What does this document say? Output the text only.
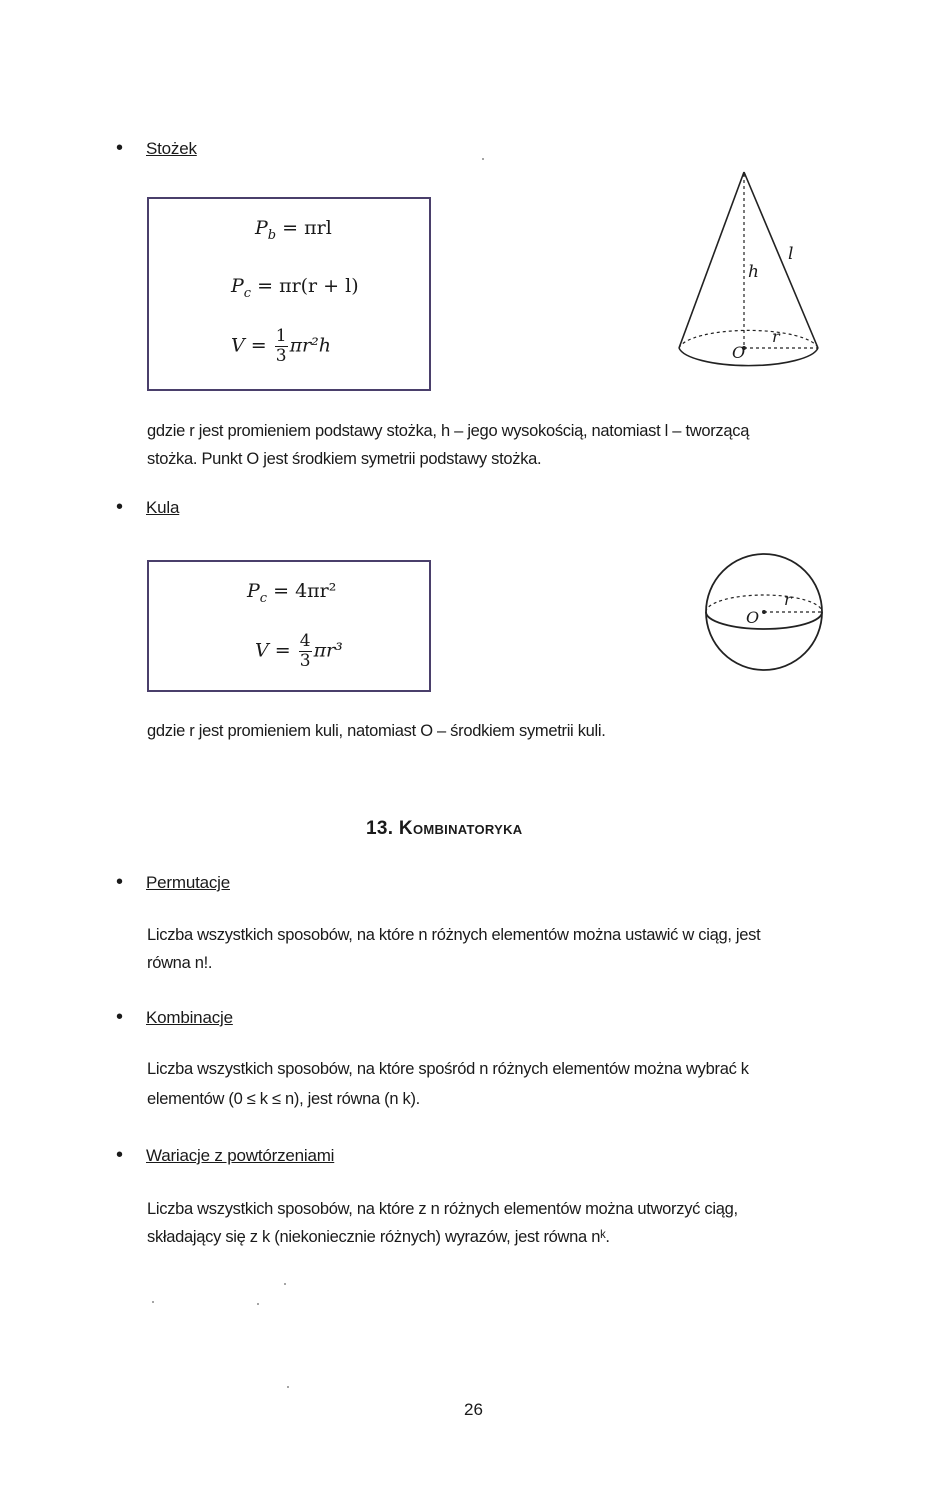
• Stożek
$P_b = \pi rl$
$P_c = \pi r(r + l)$
$V = \frac{1}{3} \pi r^2h$
h
l
r
O
gdzie r jest promieniem podstawy stożka, h – jego wysokością, natomiast l – tworzącą
stożka. Punkt O jest środkiem symetrii podstawy stożka.
• Kula
$P_c = 4\pi r^2$
$V = \frac{4}{3} \pi r^3$
r
O
gdzie r jest promieniem kuli, natomiast O – środkiem symetrii kuli.
13. Kombinatoryka
• Permutacje
Liczba wszystkich sposobów, na które n różnych elementów można ustawić w ciąg, jest
równa n!.
• Kombinacje
Liczba wszystkich sposobów, na które spośród n różnych elementów można wybrać k
elementów (0 ≤ k ≤ n), jest równa (n k).
• Wariacje z powtórzeniami
Liczba wszystkich sposobów, na które z n różnych elementów można utworzyć ciąg,
składający się z k (niekoniecznie różnych) wyrazów, jest równa nᵏ.
26
